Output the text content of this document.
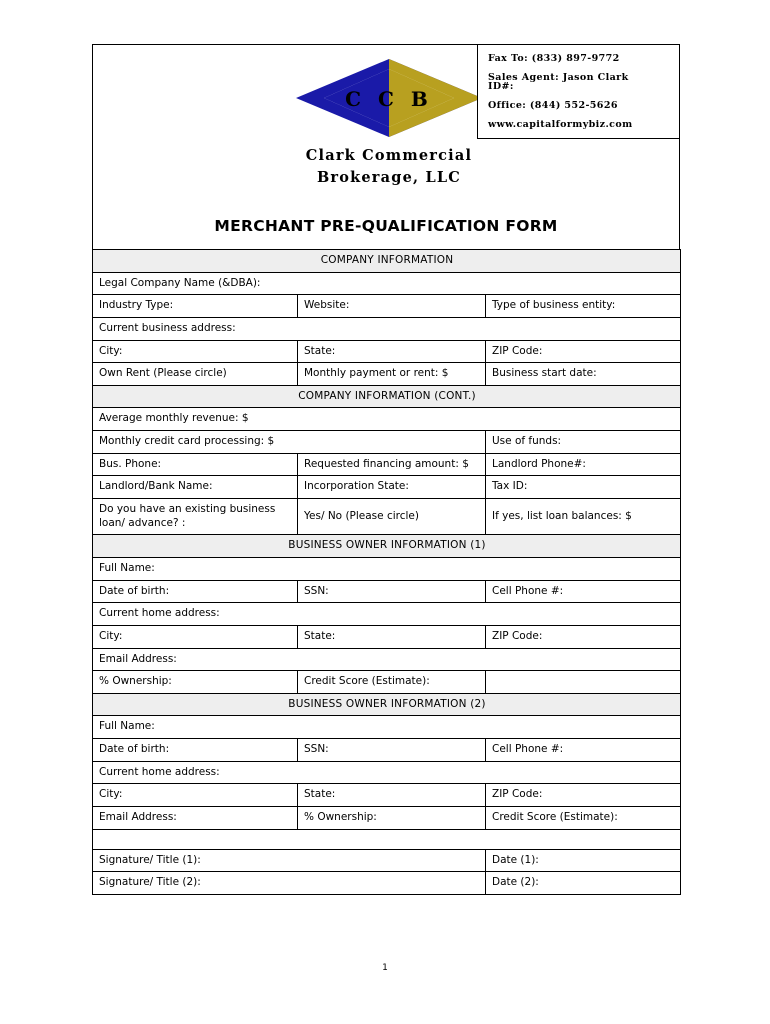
C C B
Clark Commercial
Brokerage, LLC
Fax To: (833) 897-9772
Sales Agent: Jason Clark
ID#:
Office: (844) 552-5626
www.capitalformybiz.com
MERCHANT PRE-QUALIFICATION FORM
COMPANY INFORMATION		
Legal Company Name (&DBA):		
Industry Type:	Website:	Type of business entity:
Current business address:		
City:	State:	ZIP Code:
Own Rent (Please circle)	Monthly payment or rent: $	Business start date:
COMPANY INFORMATION (CONT.)		
Average monthly revenue: $		
Monthly credit card processing: $		Use of funds:
Bus. Phone:	Requested financing amount: $	Landlord Phone#:
Landlord/Bank Name:	Incorporation State:	Tax ID:
Do you have an existing business loan/ advance? :	Yes/ No (Please circle)	If yes, list loan balances: $
BUSINESS OWNER INFORMATION (1)		
Full Name:		
Date of birth:	SSN:	Cell Phone #:
Current home address:		
City:	State:	ZIP Code:
Email Address:		
% Ownership:	Credit Score (Estimate):	
BUSINESS OWNER INFORMATION (2)		
Full Name:		
Date of birth:	SSN:	Cell Phone #:
Current home address:		
City:	State:	ZIP Code:
Email Address:	% Ownership:	Credit Score (Estimate):

Signature/ Title (1):		Date (1):
Signature/ Title (2):		Date (2):
1
